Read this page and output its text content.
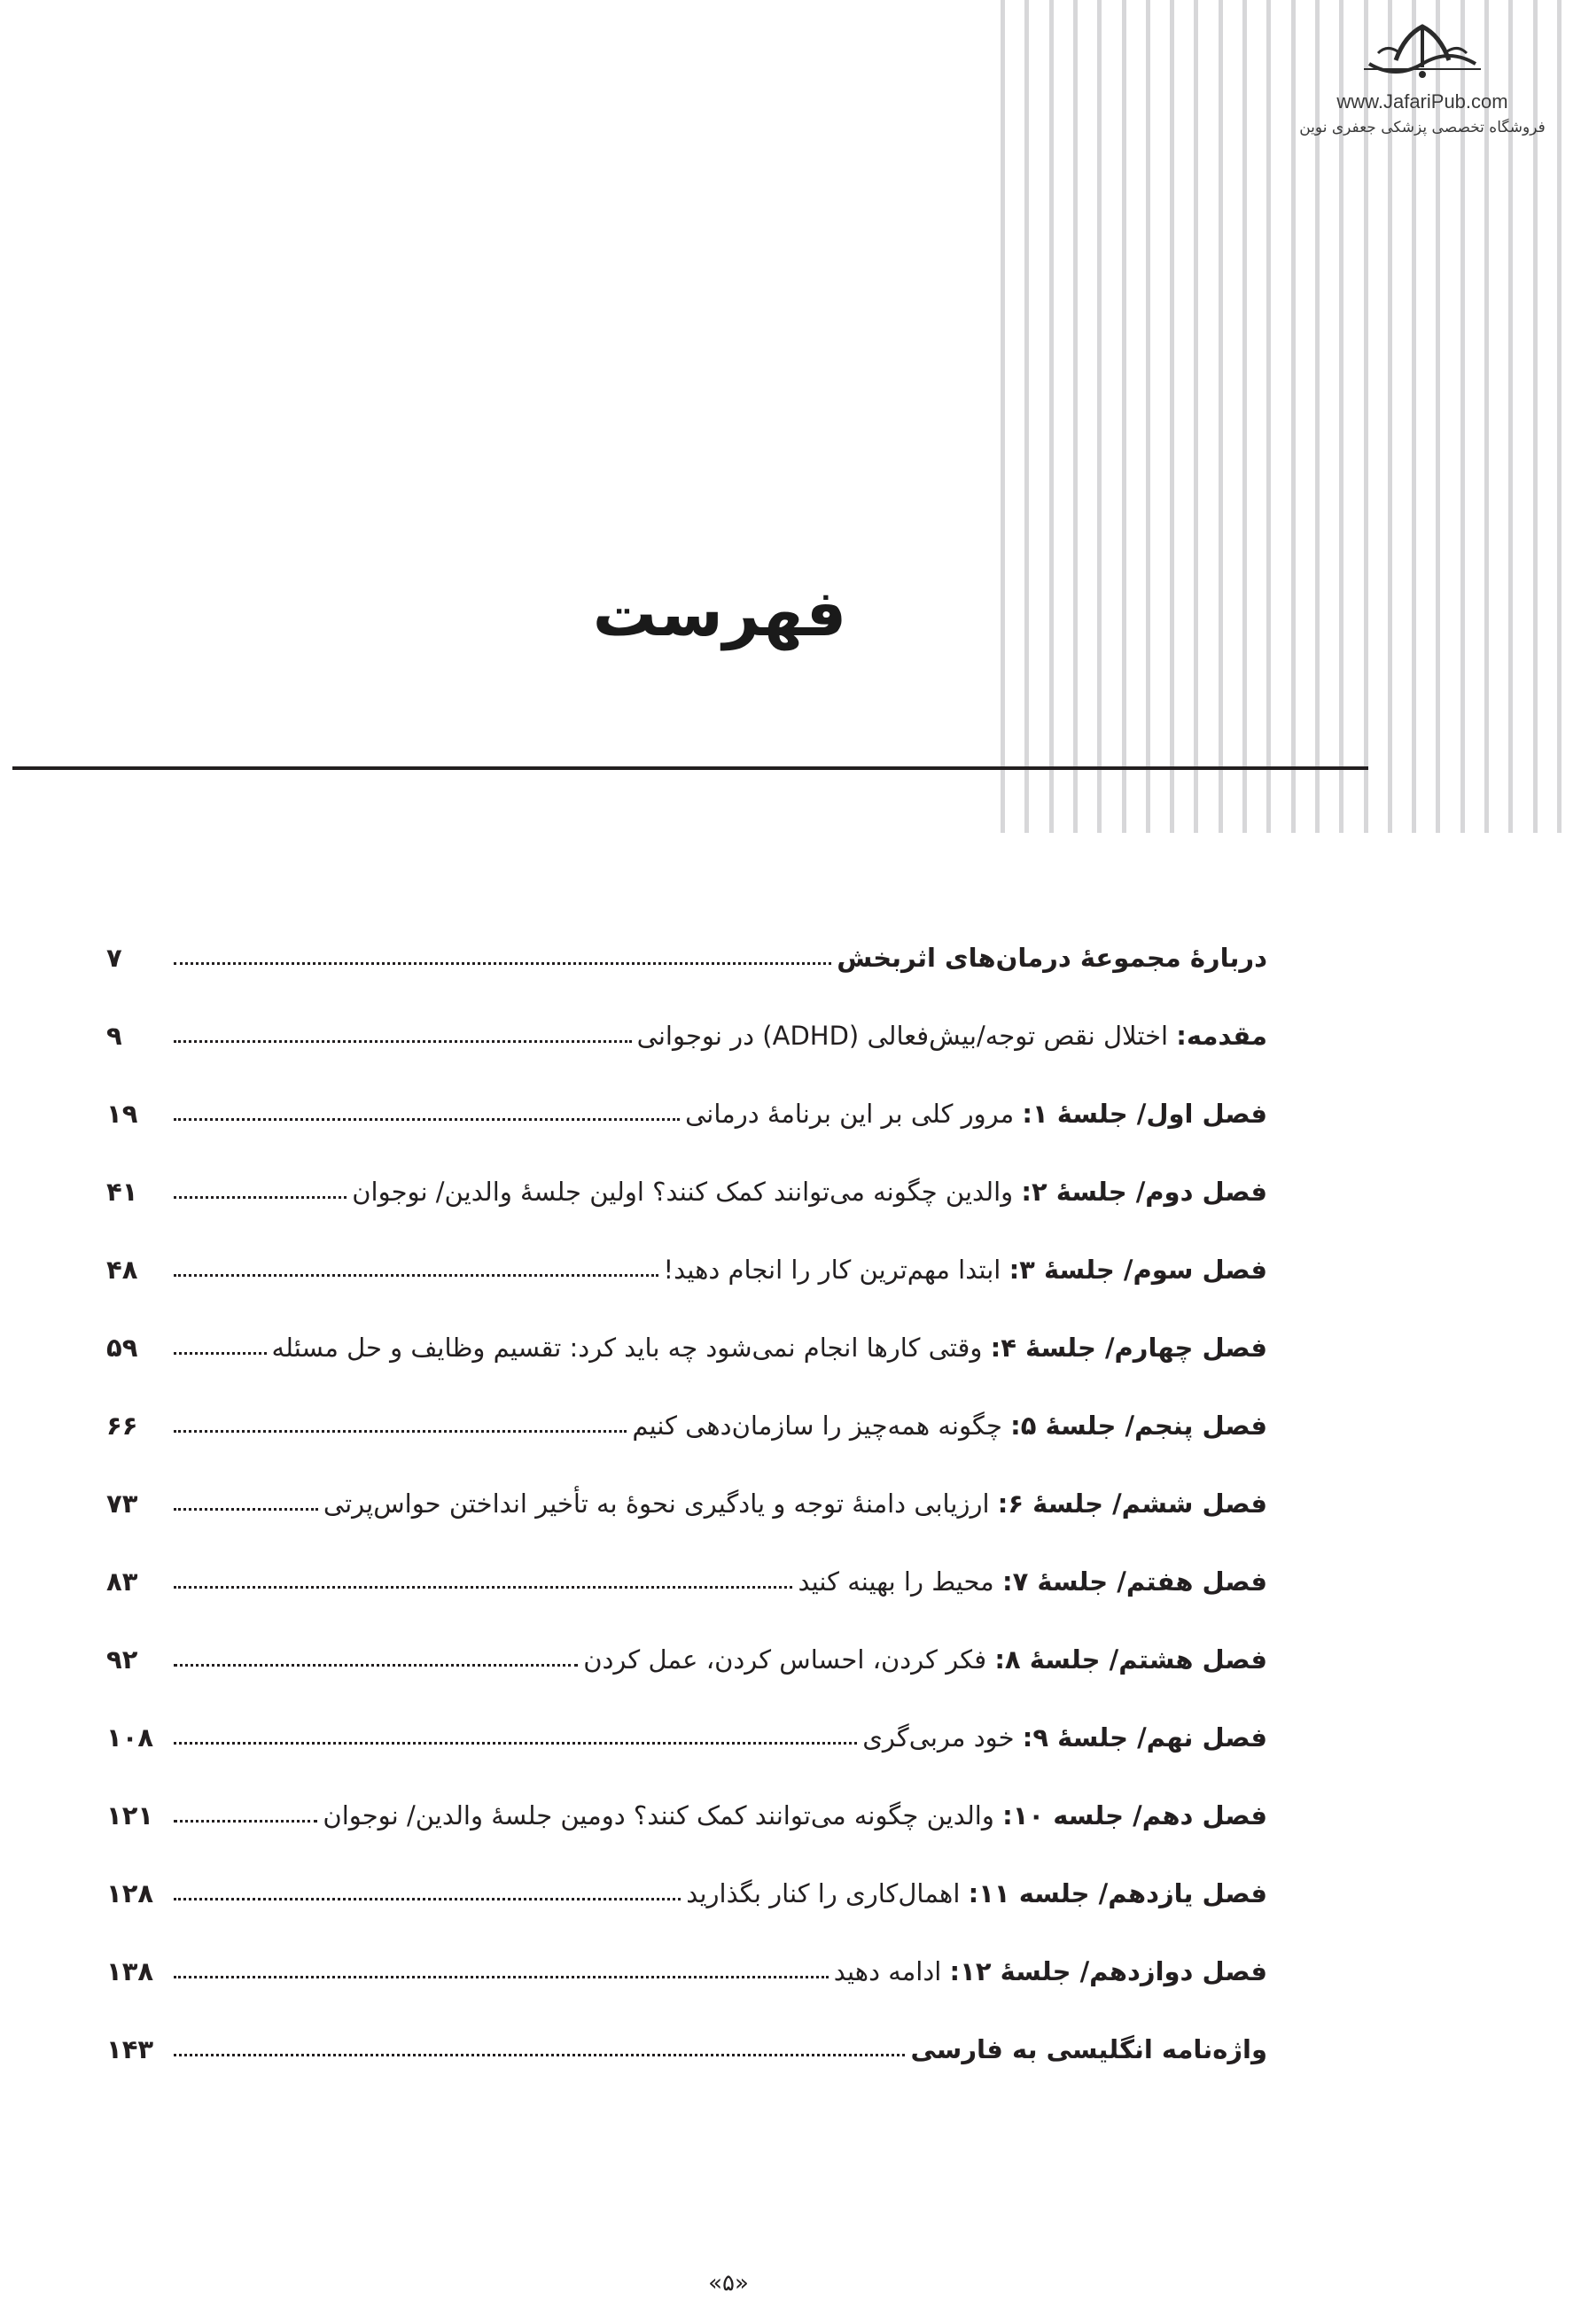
www.JafariPub.com
فروشگاه تخصصی پزشکی جعفری نوین
فهرست
دربارۀ مجموعۀ درمان‌های اثربخش
۷
مقدمه: اختلال نقص توجه/بیش‌فعالی (ADHD) در نوجوانی
۹
فصل اول/ جلسۀ ۱: مرور کلی بر این برنامۀ درمانی
۱۹
فصل دوم/ جلسۀ ۲: والدین چگونه می‌توانند کمک کنند؟ اولین جلسۀ والدین/ نوجوان
۴۱
فصل سوم/ جلسۀ ۳: ابتدا مهم‌ترین کار را انجام دهید!
۴۸
فصل چهارم/ جلسۀ ۴: وقتی کارها انجام نمی‌شود چه باید کرد: تقسیم وظایف و حل مسئله
۵۹
فصل پنجم/ جلسۀ ۵: چگونه همه‌چیز را سازمان‌دهی کنیم
۶۶
فصل ششم/ جلسۀ ۶: ارزیابی دامنۀ توجه و یادگیری نحوۀ به تأخیر انداختن حواس‌پرتی
۷۳
فصل هفتم/ جلسۀ ۷: محیط را بهینه کنید
۸۳
فصل هشتم/ جلسۀ ۸: فکر کردن، احساس کردن، عمل کردن
۹۲
فصل نهم/ جلسۀ ۹: خود مربی‌گری
۱۰۸
فصل دهم/ جلسه ۱۰: والدین چگونه می‌توانند کمک کنند؟ دومین جلسۀ والدین/ نوجوان
۱۲۱
فصل یازدهم/ جلسه ۱۱: اهمال‌کاری را کنار بگذارید
۱۲۸
فصل دوازدهم/ جلسۀ ۱۲: ادامه دهید
۱۳۸
واژه‌نامه انگلیسی به فارسی
۱۴۳
«۵»
